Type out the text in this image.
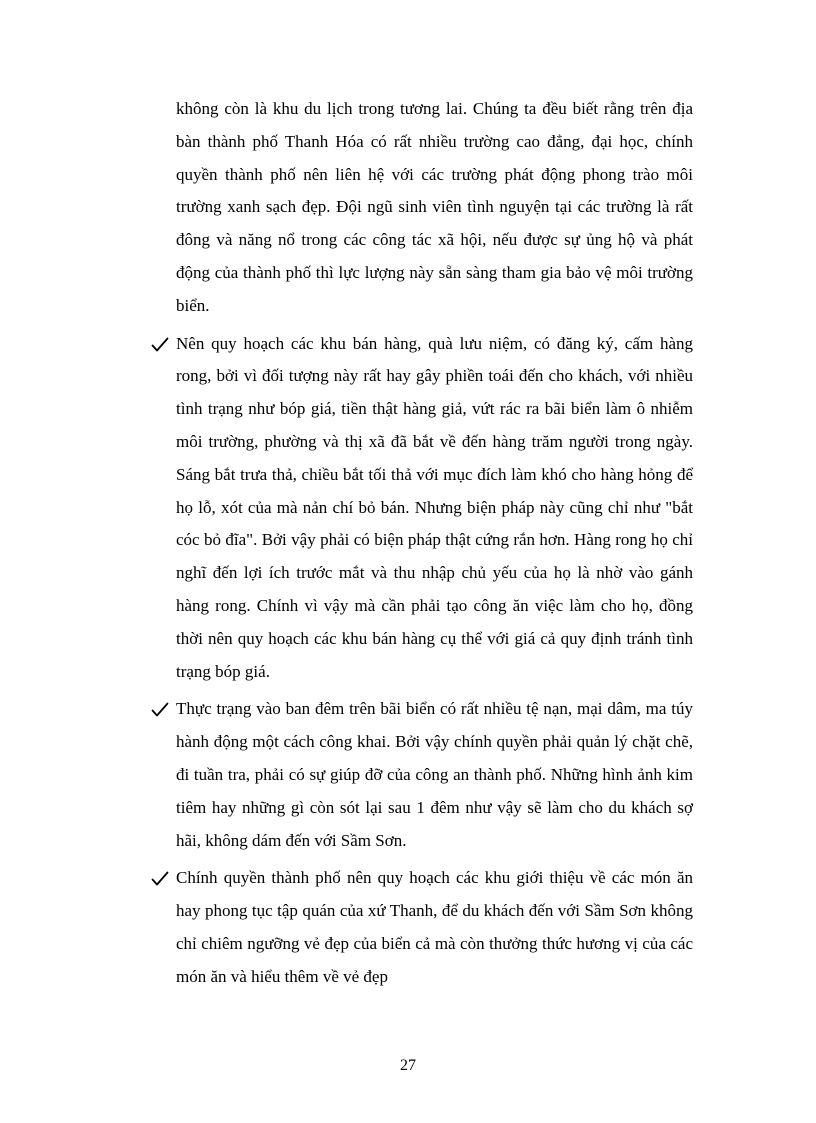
không còn là khu du lịch trong tương lai. Chúng ta đều biết rằng trên địa bàn thành phố Thanh Hóa có rất nhiều trường cao đẳng, đại học, chính quyền thành phố nên liên hệ với các trường phát động phong trào môi trường xanh sạch đẹp. Đội ngũ sinh viên tình nguyện tại các trường là rất đông và năng nổ trong các công tác xã hội, nếu được sự ủng hộ và phát động của thành phố thì lực lượng này sẵn sàng tham gia bảo vệ môi trường biển.

Nên quy hoạch các khu bán hàng, quà lưu niệm, có đăng ký, cấm hàng rong, bởi vì đối tượng này rất hay gây phiền toái đến cho khách, với nhiều tình trạng như bóp giá, tiền thật hàng giả, vứt rác ra bãi biển làm ô nhiễm môi trường, phường và thị xã đã bắt về đến hàng trăm người trong ngày. Sáng bắt trưa thả, chiều bắt tối thả với mục đích làm khó cho hàng hỏng để họ lỗ, xót của mà nản chí bỏ bán. Nhưng biện pháp này cũng chỉ như "bắt cóc bỏ đĩa". Bởi vậy phải có biện pháp thật cứng rắn hơn. Hàng rong họ chỉ nghĩ đến lợi ích trước mắt và thu nhập chủ yếu của họ là nhờ vào gánh hàng rong. Chính vì vậy mà cần phải tạo công ăn việc làm cho họ, đồng thời nên quy hoạch các khu bán hàng cụ thể với giá cả quy định tránh tình trạng bóp giá.
Thực trạng vào ban đêm trên bãi biển có rất nhiều tệ nạn, mại dâm, ma túy hành động một cách công khai. Bởi vậy chính quyền phải quản lý chặt chẽ, đi tuần tra, phải có sự giúp đỡ của công an thành phố. Những hình ảnh kim tiêm hay những gì còn sót lại sau 1 đêm như vậy sẽ làm cho du khách sợ hãi, không dám đến với Sầm Sơn.
Chính quyền thành phố nên quy hoạch các khu giới thiệu về các món ăn hay phong tục tập quán của xứ Thanh, để du khách đến với Sầm Sơn không chỉ chiêm ngưỡng vẻ đẹp của biển cả mà còn thưởng thức hương vị của các món ăn và hiểu thêm về vẻ đẹp
27
